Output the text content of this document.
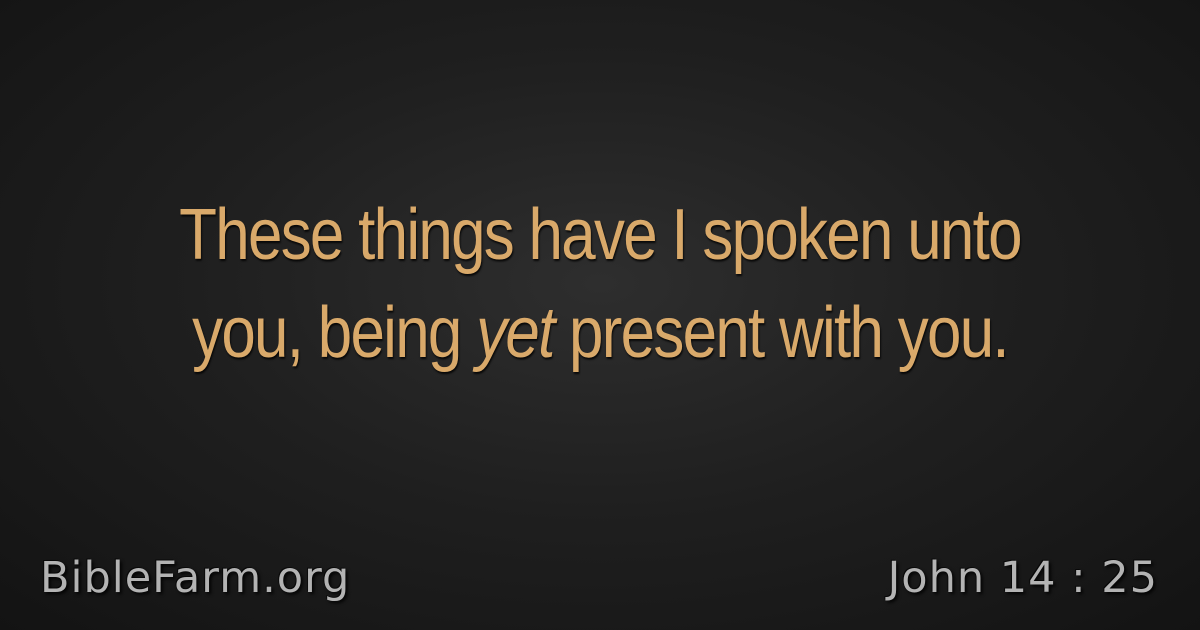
These things have I spoken unto
you, being yet present with you.
BibleFarm.org	John 14 : 25
